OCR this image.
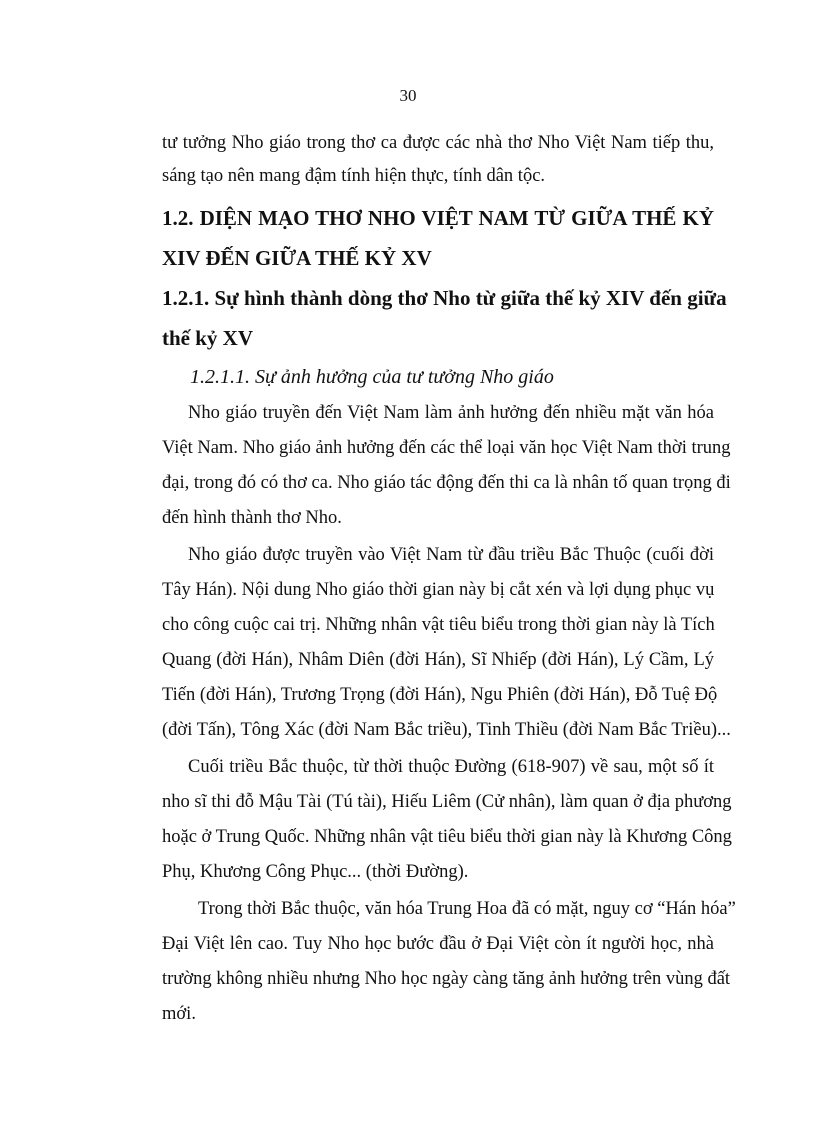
30
tư tưởng Nho giáo trong thơ ca được các nhà thơ Nho Việt Nam tiếp thu,
sáng tạo nên mang đậm tính hiện thực, tính dân tộc.
1.2. DIỆN MẠO THƠ NHO VIỆT NAM TỪ GIỮA THẾ KỶ
XIV ĐẾN GIỮA THẾ KỶ XV
1.2.1. Sự hình thành dòng thơ Nho từ giữa thế kỷ XIV đến giữa
thế kỷ XV
1.2.1.1. Sự ảnh hưởng của tư tưởng Nho giáo
Nho giáo truyền đến Việt Nam làm ảnh hưởng đến nhiều mặt văn hóa
Việt Nam. Nho giáo ảnh hưởng đến các thể loại văn học Việt Nam thời trung
đại, trong đó có thơ ca. Nho giáo tác động đến thi ca là nhân tố quan trọng đi
đến hình thành thơ Nho.
Nho giáo được truyền vào Việt Nam từ đầu triều Bắc Thuộc (cuối đời
Tây Hán). Nội dung Nho giáo thời gian này bị cắt xén và lợi dụng phục vụ
cho công cuộc cai trị. Những nhân vật tiêu biểu trong thời gian này là Tích
Quang (đời Hán), Nhâm Diên (đời Hán), Sĩ Nhiếp (đời Hán), Lý Cầm, Lý
Tiến (đời Hán), Trương Trọng (đời Hán), Ngu Phiên (đời Hán), Đỗ Tuệ Độ
(đời Tấn), Tông Xác (đời Nam Bắc triều), Tinh Thiều (đời Nam Bắc Triều)...
Cuối triều Bắc thuộc, từ thời thuộc Đường (618-907) về sau, một số ít
nho sĩ thi đỗ Mậu Tài (Tú tài), Hiếu Liêm (Cử nhân), làm quan ở địa phương
hoặc ở Trung Quốc. Những nhân vật tiêu biểu thời gian này là Khương Công
Phụ, Khương Công Phục... (thời Đường).
Trong thời Bắc thuộc, văn hóa Trung Hoa đã có mặt, nguy cơ “Hán hóa”
Đại Việt lên cao. Tuy Nho học bước đầu ở Đại Việt còn ít người học, nhà
trường không nhiều nhưng Nho học ngày càng tăng ảnh hưởng trên vùng đất
mới.
